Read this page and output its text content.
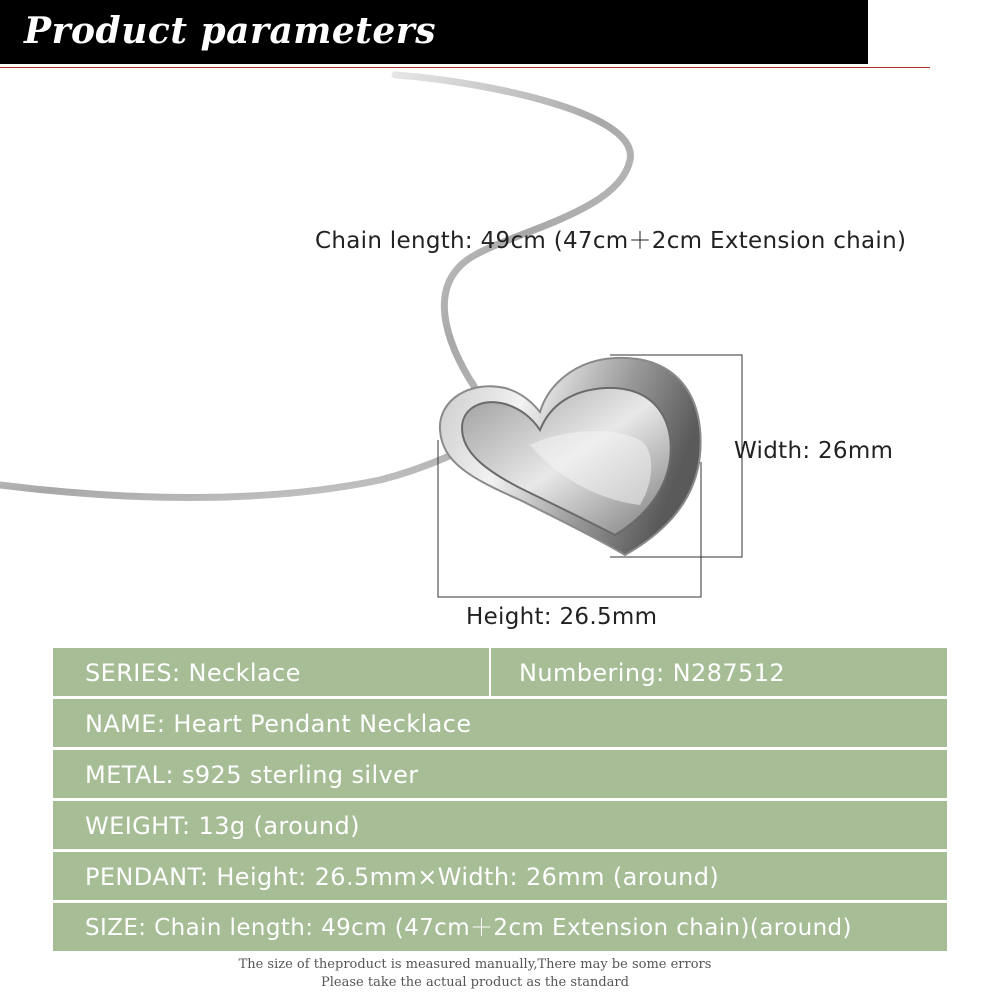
Product parameters
Chain length: 49cm (47cm＋2cm Extension chain)
Width: 26mm
Height: 26.5mm
SERIES: Necklace	Numbering: N287512
NAME: Heart Pendant Necklace
METAL: s925 sterling silver
WEIGHT: 13g (around)
PENDANT: Height: 26.5mm×Width: 26mm (around)
SIZE: Chain length: 49cm (47cm＋2cm Extension chain)(around)
The size of theproduct is measured manually,There may be some errors
Please take the actual product as the standard
